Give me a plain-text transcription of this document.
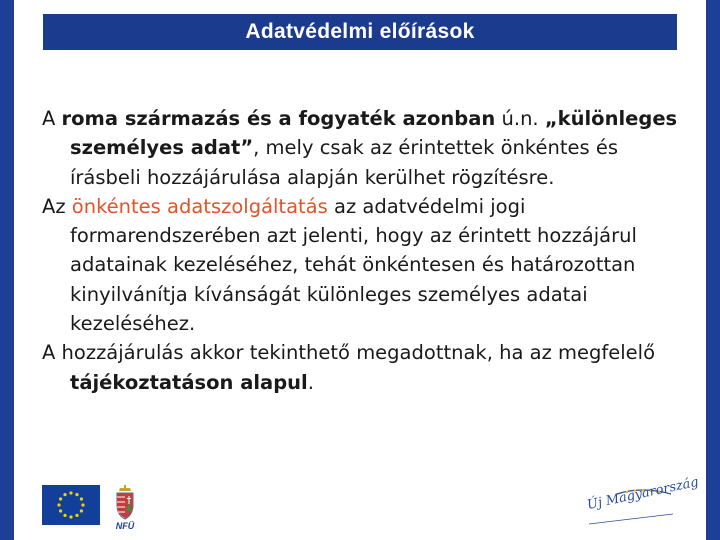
Adatvédelmi előírások

A roma származás és a fogyaték azonban ú.n. „különleges személyes adat”, mely csak az érintettek önkéntes és írásbeli hozzájárulása alapján kerülhet rögzítésre.

Az önkéntes adatszolgáltatás az adatvédelmi jogi formarendszerében azt jelenti, hogy az érintett hozzájárul adatainak kezeléséhez, tehát önkéntesen és határozottan kinyilvánítja kívánságát különleges személyes adatai kezeléséhez.

A hozzájárulás akkor tekinthető megadottnak, ha az megfelelő tájékoztatáson alapul.

NFÜ
Új Magyarország
